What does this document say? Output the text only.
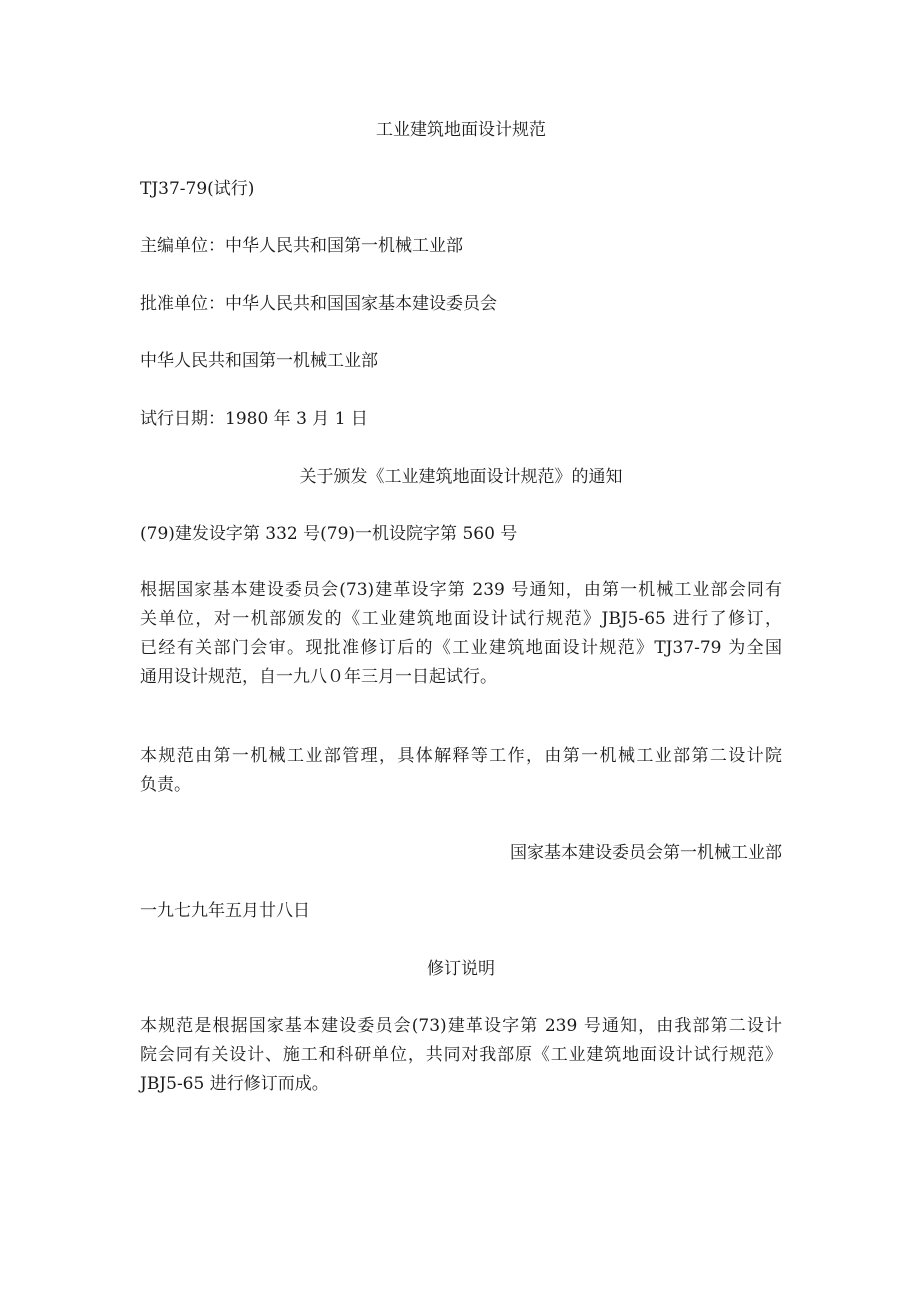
工业建筑地面设计规范

TJ37-79(试行)

主编单位：中华人民共和国第一机械工业部

批准单位：中华人民共和国国家基本建设委员会

中华人民共和国第一机械工业部

试行日期：1980 年 3 月 1 日

关于颁发《工业建筑地面设计规范》的通知

(79)建发设字第 332 号(79)一机设院字第 560 号

根据国家基本建设委员会(73)建革设字第 239 号通知，由第一机械工业部会同有
关单位，对一机部颁发的《工业建筑地面设计试行规范》JBJ5-65 进行了修订，
已经有关部门会审。现批准修订后的《工业建筑地面设计规范》TJ37-79 为全国
通用设计规范，自一九八０年三月一日起试行。
本规范由第一机械工业部管理，具体解释等工作，由第一机械工业部第二设计院
负责。

国家基本建设委员会第一机械工业部

一九七九年五月廿八日

修订说明

本规范是根据国家基本建设委员会(73)建革设字第 239 号通知，由我部第二设计
院会同有关设计、施工和科研单位，共同对我部原《工业建筑地面设计试行规范》
JBJ5-65 进行修订而成。
